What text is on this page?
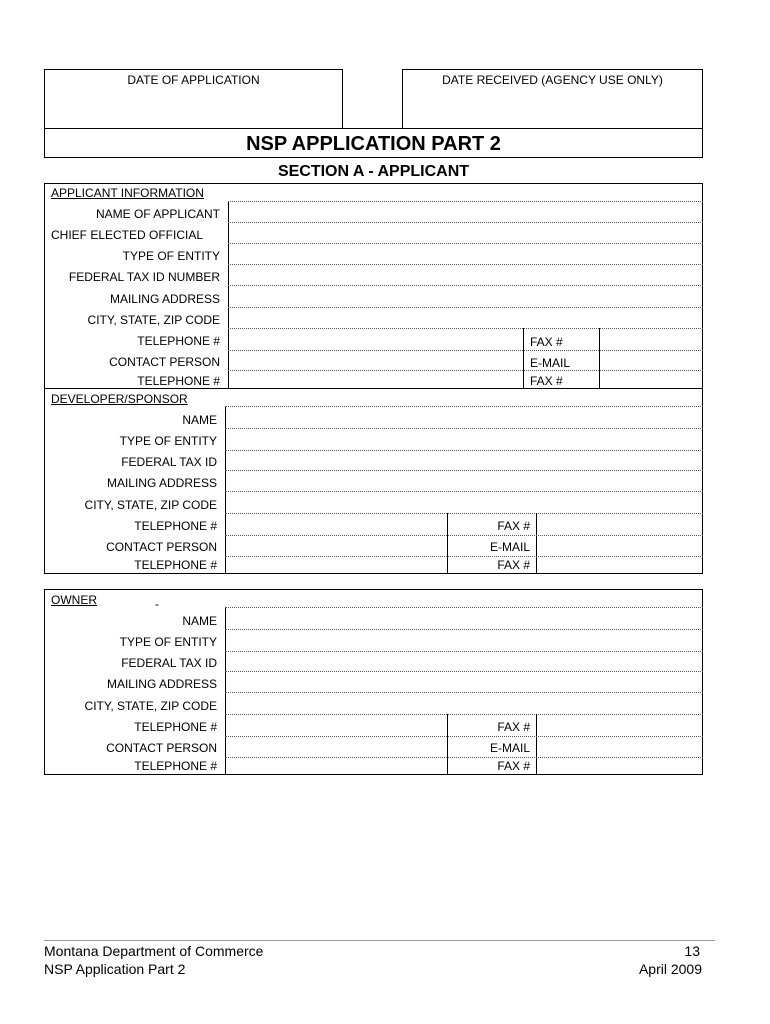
DATE OF APPLICATION	DATE RECEIVED (AGENCY USE ONLY)
NSP APPLICATION PART 2
SECTION A - APPLICANT
APPLICANT INFORMATION
NAME OF APPLICANT
CHIEF ELECTED OFFICIAL
TYPE OF ENTITY
FEDERAL TAX ID NUMBER
MAILING ADDRESS
CITY, STATE, ZIP CODE
TELEPHONE #	FAX #
CONTACT PERSON	E-MAIL
TELEPHONE #	FAX #
DEVELOPER/SPONSOR
NAME
TYPE OF ENTITY
FEDERAL TAX ID
MAILING ADDRESS
CITY, STATE, ZIP CODE
TELEPHONE #	FAX #
CONTACT PERSON	E-MAIL
TELEPHONE #	FAX #
OWNER	-
NAME
TYPE OF ENTITY
FEDERAL TAX ID
MAILING ADDRESS
CITY, STATE, ZIP CODE
TELEPHONE #	FAX #
CONTACT PERSON	E-MAIL
TELEPHONE #	FAX #
Montana Department of Commerce
NSP Application Part 2
13
April 2009
